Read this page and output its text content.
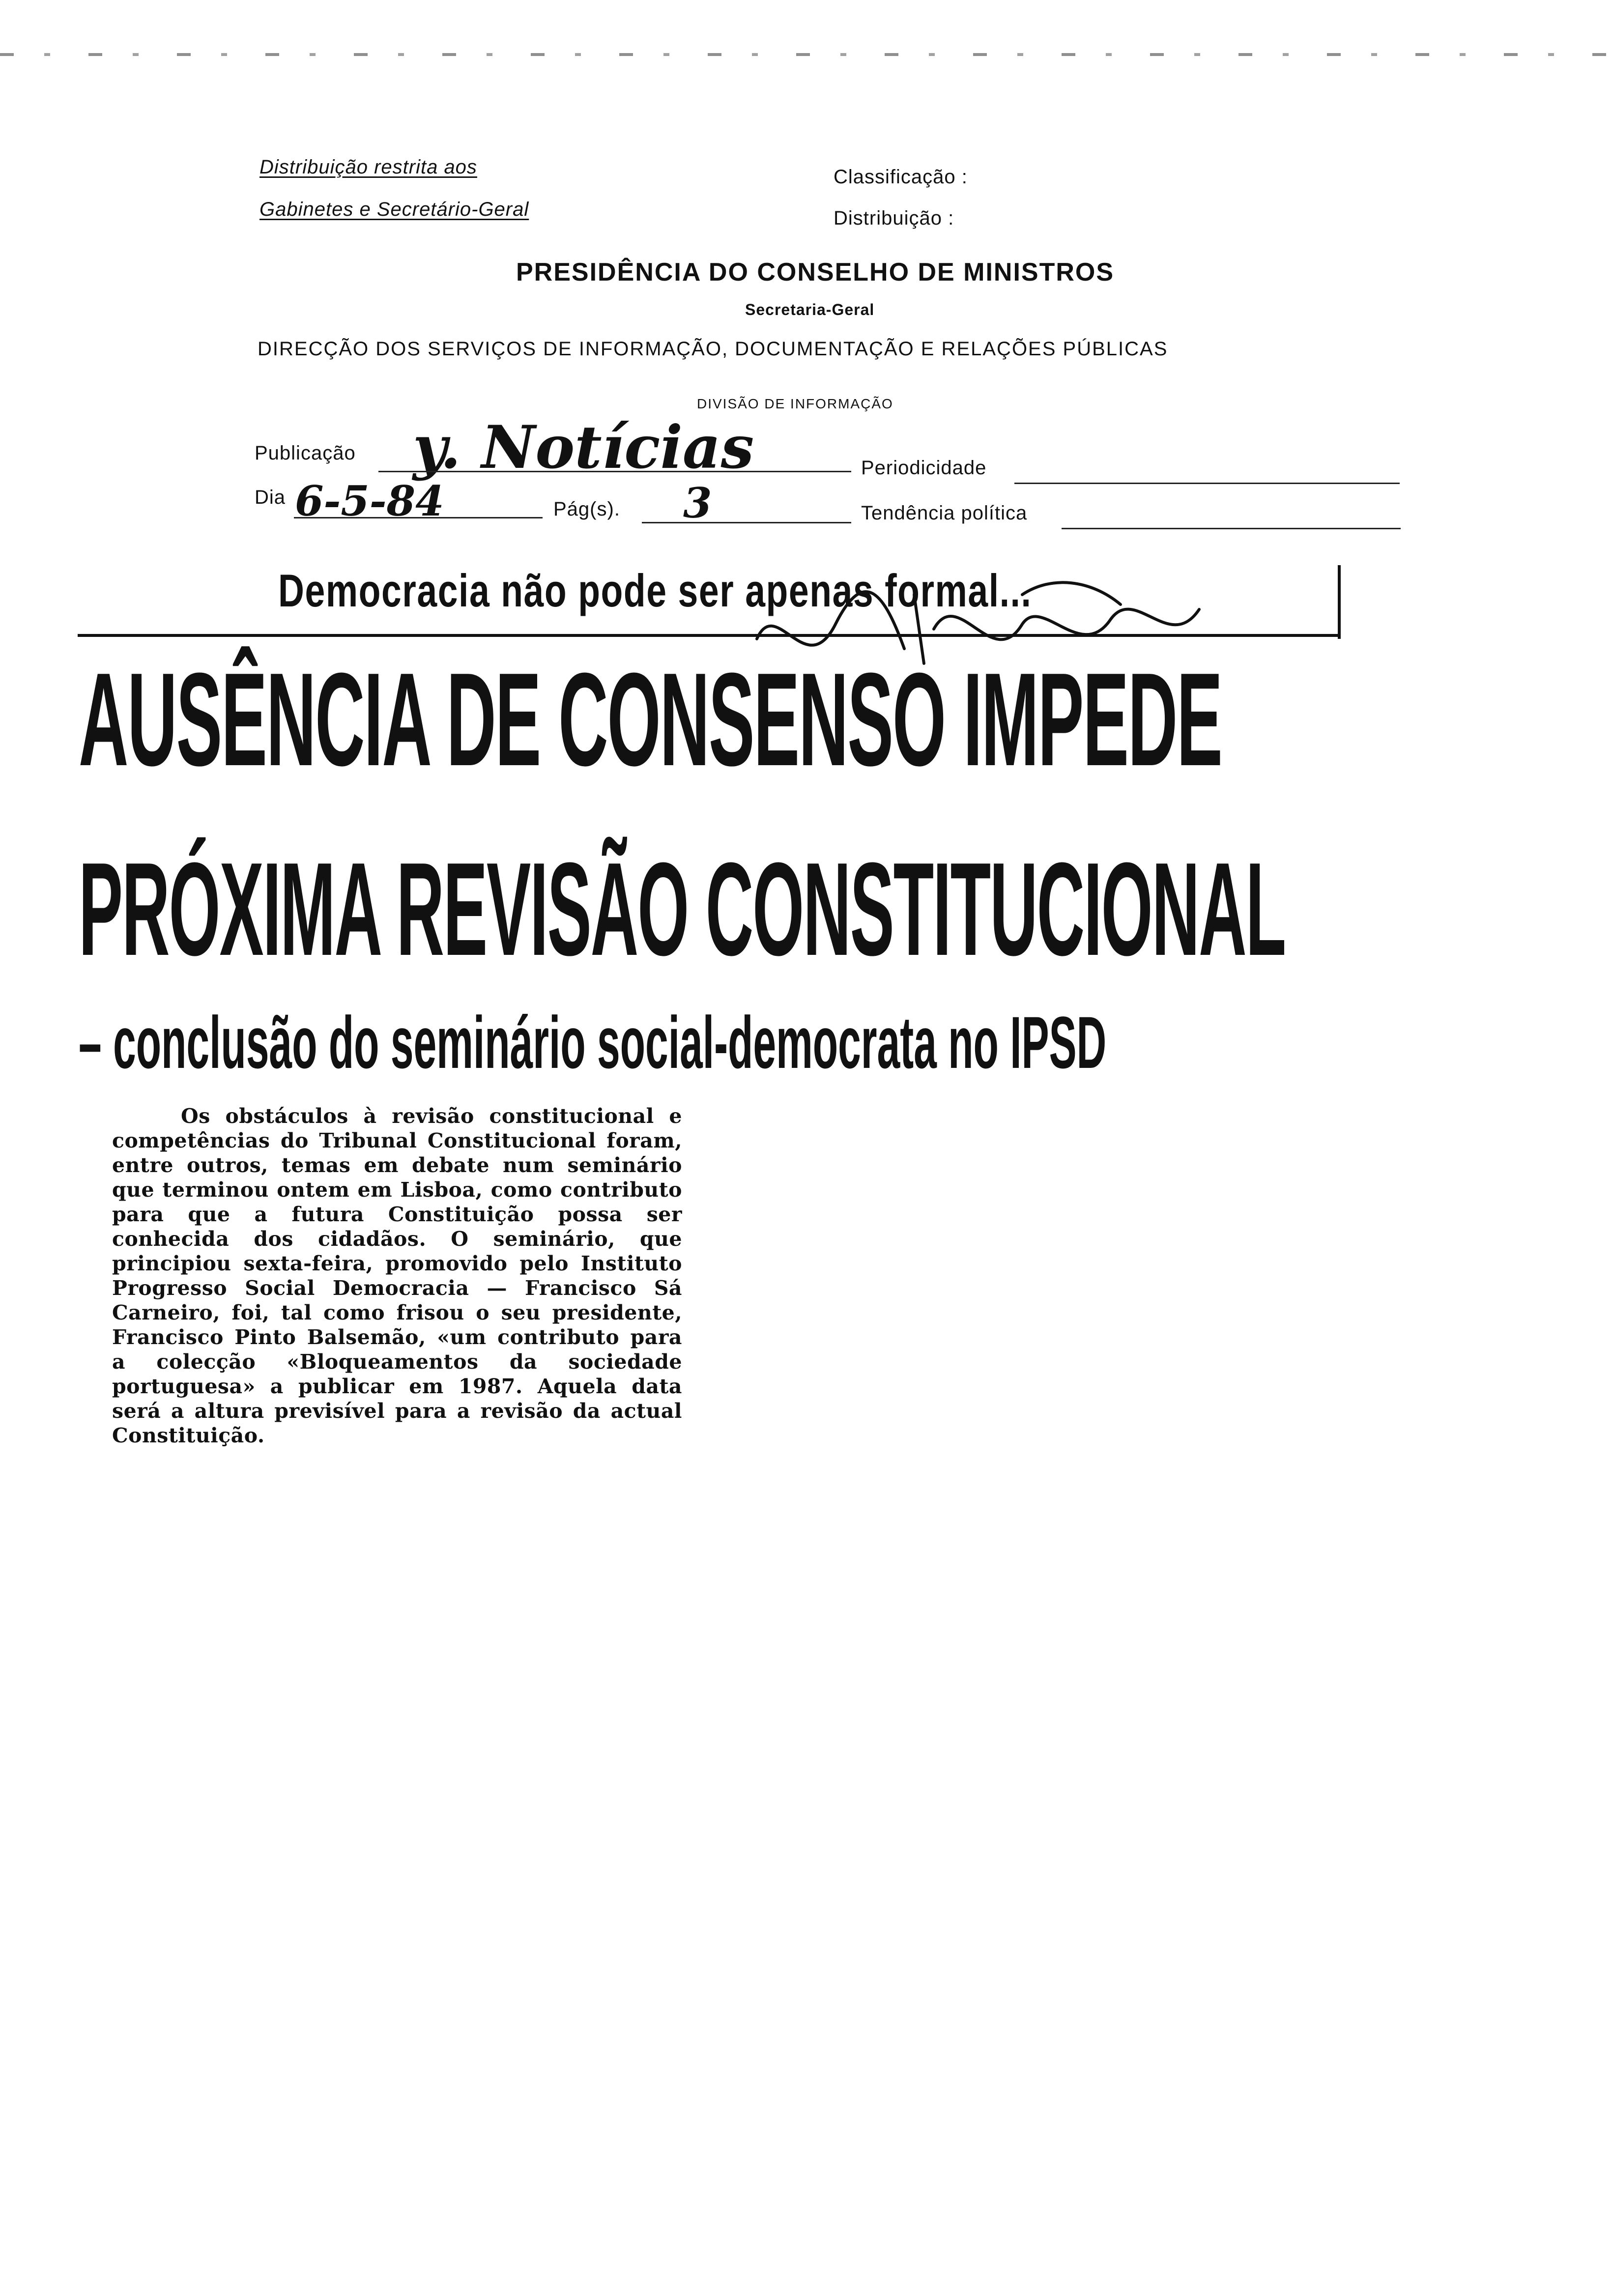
Distribuição restrita aos
Gabinetes e Secretário-Geral
Classificação :
Distribuição :
PRESIDÊNCIA DO CONSELHO DE MINISTROS
Secretaria-Geral
DIRECÇÃO DOS SERVIÇOS DE INFORMAÇÃO, DOCUMENTAÇÃO E RELAÇÕES PÚBLICAS
DIVISÃO DE INFORMAÇÃO
Publicação y. Notícias	Periodicidade
Dia 6-5-84	Pág(s). 3	Tendência política
Democracia não pode ser apenas formal...
AUSÊNCIA DE CONSENSO IMPEDE
PRÓXIMA REVISÃO CONSTITUCIONAL
– conclusão do seminário social-democrata no IPSD
Os obstáculos à revisão constitucional e competências do Tribunal Constitucional foram, entre outros, temas em debate num seminário que terminou ontem em Lisboa, como contributo para que a futura Constituição possa ser conhecida dos cidadãos. O seminário, que principiou sexta-feira, promovido pelo Instituto Progresso Social Democracia — Francisco Sá Carneiro, foi, tal como frisou o seu presidente, Francisco Pinto Balsemão, «um contributo para a colecção «Bloqueamentos da sociedade portuguesa» a publicar em 1987. Aquela data será a altura previsível para a revisão da actual Constituição.
